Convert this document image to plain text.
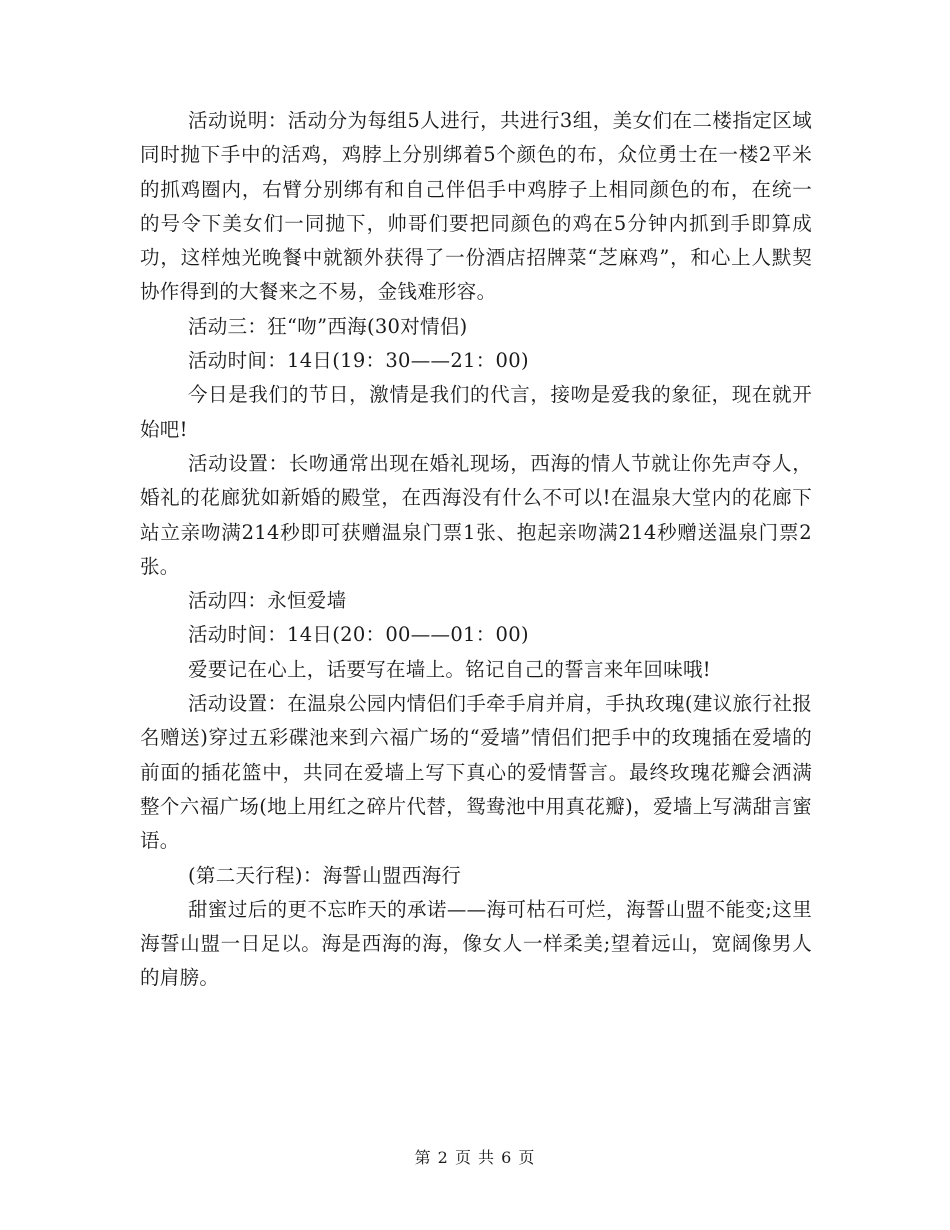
活动说明：活动分为每组5人进行，共进行3组，美女们在二楼指定区域同时抛下手中的活鸡，鸡脖上分别绑着5个颜色的布，众位勇士在一楼2平米的抓鸡圈内，右臂分别绑有和自己伴侣手中鸡脖子上相同颜色的布，在统一的号令下美女们一同抛下，帅哥们要把同颜色的鸡在5分钟内抓到手即算成功，这样烛光晚餐中就额外获得了一份酒店招牌菜“芝麻鸡”，和心上人默契协作得到的大餐来之不易，金钱难形容。

活动三：狂“吻”西海(30对情侣)

活动时间：14日(19：30——21：00)

今日是我们的节日，激情是我们的代言，接吻是爱我的象征，现在就开始吧!

活动设置：长吻通常出现在婚礼现场，西海的情人节就让你先声夺人，婚礼的花廊犹如新婚的殿堂，在西海没有什么不可以!在温泉大堂内的花廊下站立亲吻满214秒即可获赠温泉门票1张、抱起亲吻满214秒赠送温泉门票2张。

活动四：永恒爱墙

活动时间：14日(20：00——01：00)

爱要记在心上，话要写在墙上。铭记自己的誓言来年回味哦!

活动设置：在温泉公园内情侣们手牵手肩并肩，手执玫瑰(建议旅行社报名赠送)穿过五彩碟池来到六福广场的“爱墙”情侣们把手中的玫瑰插在爱墙的前面的插花篮中，共同在爱墙上写下真心的爱情誓言。最终玫瑰花瓣会洒满整个六福广场(地上用红之碎片代替，鸳鸯池中用真花瓣)，爱墙上写满甜言蜜语。

(第二天行程)：海誓山盟西海行

甜蜜过后的更不忘昨天的承诺——海可枯石可烂，海誓山盟不能变;这里海誓山盟一日足以。海是西海的海，像女人一样柔美;望着远山，宽阔像男人的肩膀。

第 2 页 共 6 页
